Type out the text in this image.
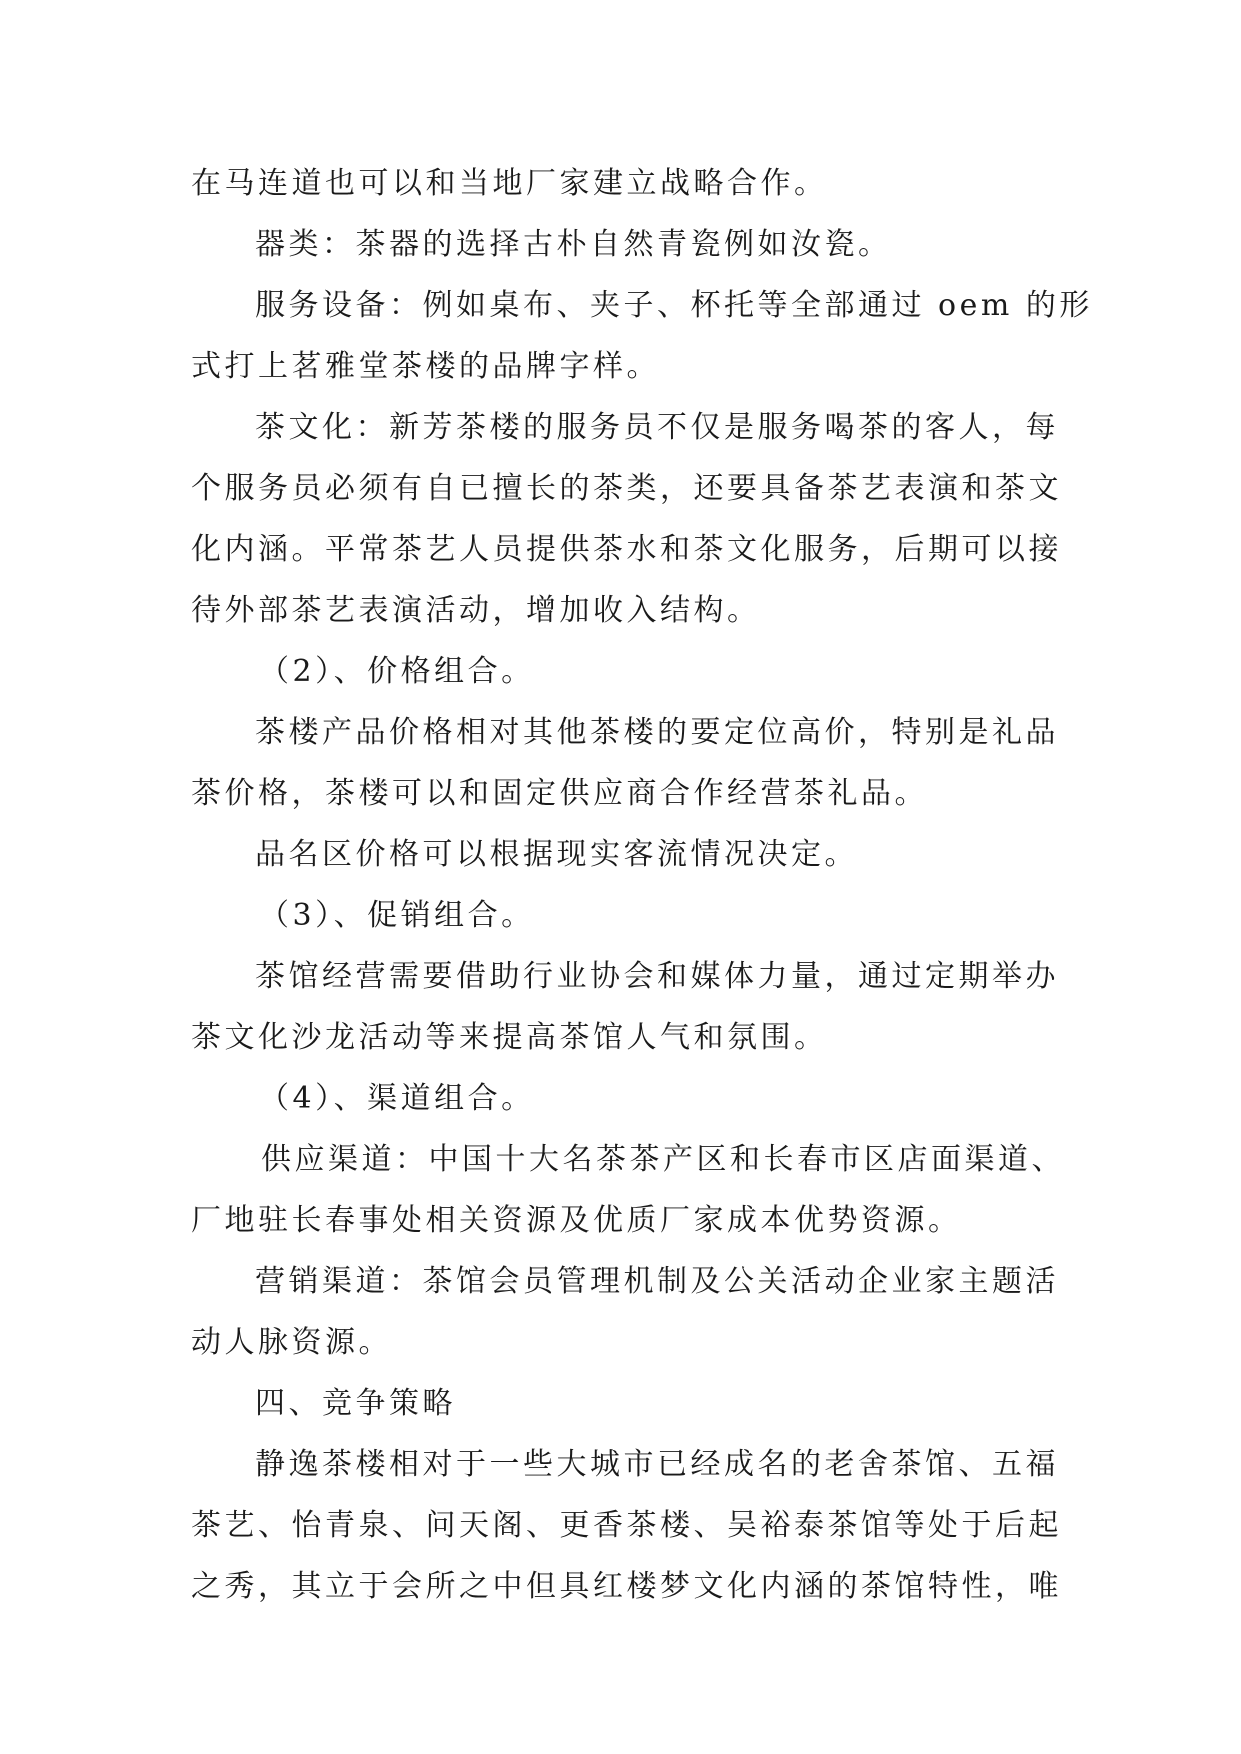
在马连道也可以和当地厂家建立战略合作。
器类：茶器的选择古朴自然青瓷例如汝瓷。
服务设备：例如桌布、夹子、杯托等全部通过 oem 的形
式打上茗雅堂茶楼的品牌字样。
茶文化：新芳茶楼的服务员不仅是服务喝茶的客人，每
个服务员必须有自已擅长的茶类，还要具备茶艺表演和茶文
化内涵。平常茶艺人员提供茶水和茶文化服务，后期可以接
待外部茶艺表演活动，增加收入结构。
（2）、价格组合。
茶楼产品价格相对其他茶楼的要定位高价，特别是礼品
茶价格，茶楼可以和固定供应商合作经营茶礼品。
品名区价格可以根据现实客流情况决定。
（3）、促销组合。
茶馆经营需要借助行业协会和媒体力量，通过定期举办
茶文化沙龙活动等来提高茶馆人气和氛围。
（4）、渠道组合。
供应渠道：中国十大名茶茶产区和长春市区店面渠道、
厂地驻长春事处相关资源及优质厂家成本优势资源。
营销渠道：茶馆会员管理机制及公关活动企业家主题活
动人脉资源。
四、竞争策略
静逸茶楼相对于一些大城市已经成名的老舍茶馆、五福
茶艺、怡青泉、问天阁、更香茶楼、吴裕泰茶馆等处于后起
之秀，其立于会所之中但具红楼梦文化内涵的茶馆特性，唯
